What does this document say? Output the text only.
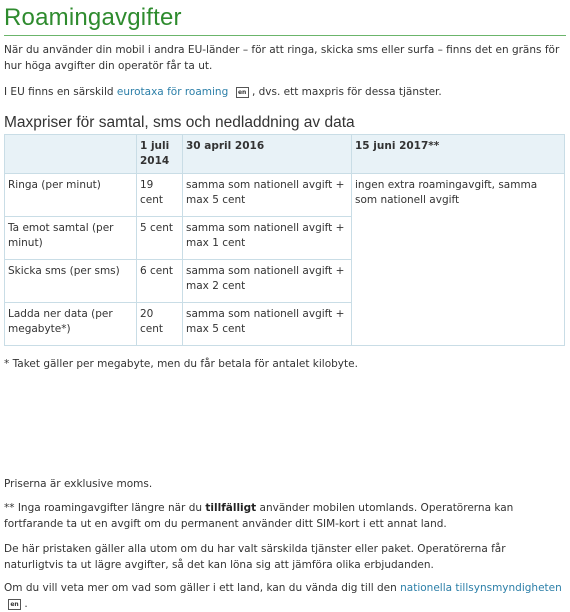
Roamingavgifter

När du använder din mobil i andra EU-länder – för att ringa, skicka sms eller surfa – finns det en gräns för hur höga avgifter din operatör får ta ut.

I EU finns en särskild eurotaxa för roaming en , dvs. ett maxpris för dessa tjänster.

Maxpriser för samtal, sms och nedladdning av data
	1 juli 2014	30 april 2016	15 juni 2017**
Ringa (per minut)	19 cent	samma som nationell avgift + max 5 cent	ingen extra roamingavgift, samma som nationell avgift
Ta emot samtal (per minut)	5 cent	samma som nationell avgift + max 1 cent	
Skicka sms (per sms)	6 cent	samma som nationell avgift + max 2 cent	
Ladda ner data (per megabyte*)	20 cent	samma som nationell avgift + max 5 cent	

* Taket gäller per megabyte, men du får betala för antalet kilobyte.

Priserna är exklusive moms.

** Inga roamingavgifter längre när du tillfälligt använder mobilen utomlands. Operatörerna kan fortfarande ta ut en avgift om du permanent använder ditt SIM-kort i ett annat land.

De här pristaken gäller alla utom om du har valt särskilda tjänster eller paket. Operatörerna får naturligtvis ta ut lägre avgifter, så det kan löna sig att jämföra olika erbjudanden.

Om du vill veta mer om vad som gäller i ett land, kan du vända dig till den nationella tillsynsmyndigheten en .
